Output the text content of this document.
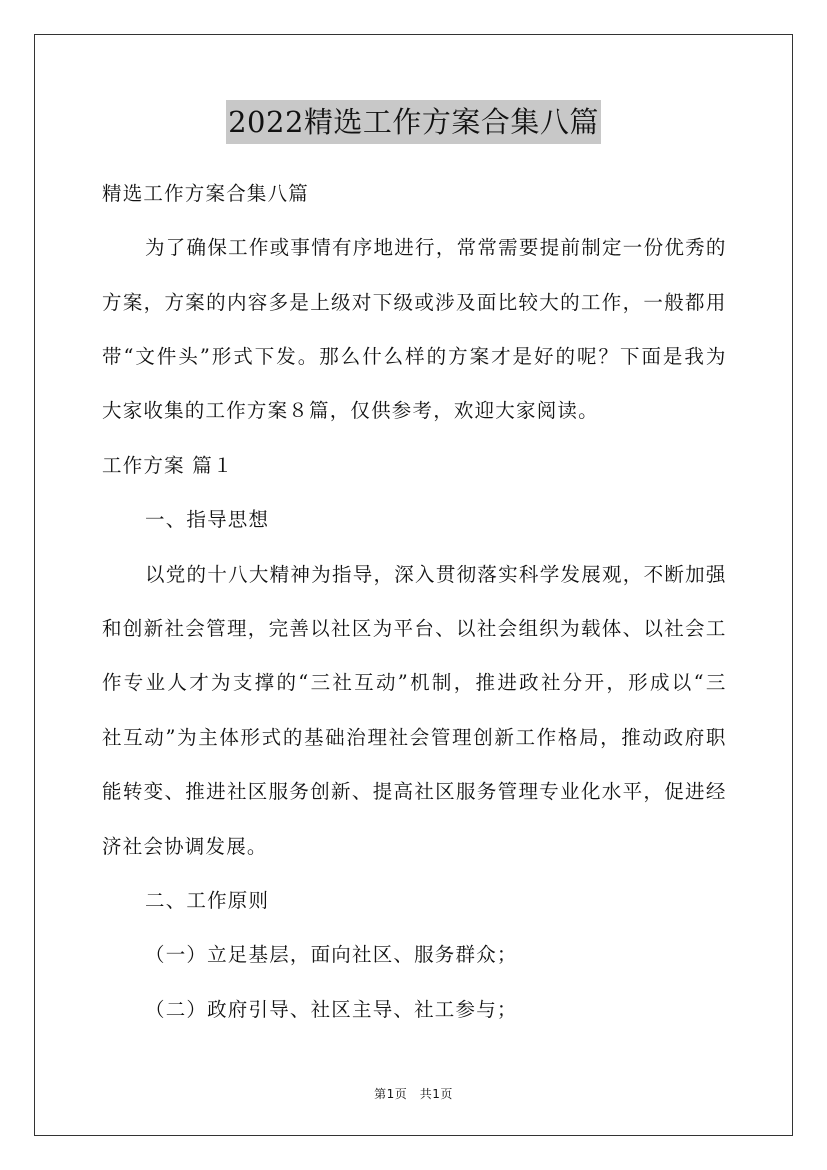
2022精选工作方案合集八篇
精选工作方案合集八篇
为了确保工作或事情有序地进行，常常需要提前制定一份优秀的
方案，方案的内容多是上级对下级或涉及面比较大的工作，一般都用
带“文件头”形式下发。那么什么样的方案才是好的呢？下面是我为
大家收集的工作方案８篇，仅供参考，欢迎大家阅读。
工作方案 篇１
一、指导思想
以党的十八大精神为指导，深入贯彻落实科学发展观，不断加强
和创新社会管理，完善以社区为平台、以社会组织为载体、以社会工
作专业人才为支撑的“三社互动”机制，推进政社分开，形成以“三
社互动”为主体形式的基础治理社会管理创新工作格局，推动政府职
能转变、推进社区服务创新、提高社区服务管理专业化水平，促进经
济社会协调发展。
二、工作原则
（一）立足基层，面向社区、服务群众；
（二）政府引导、社区主导、社工参与；
第1页　共1页
